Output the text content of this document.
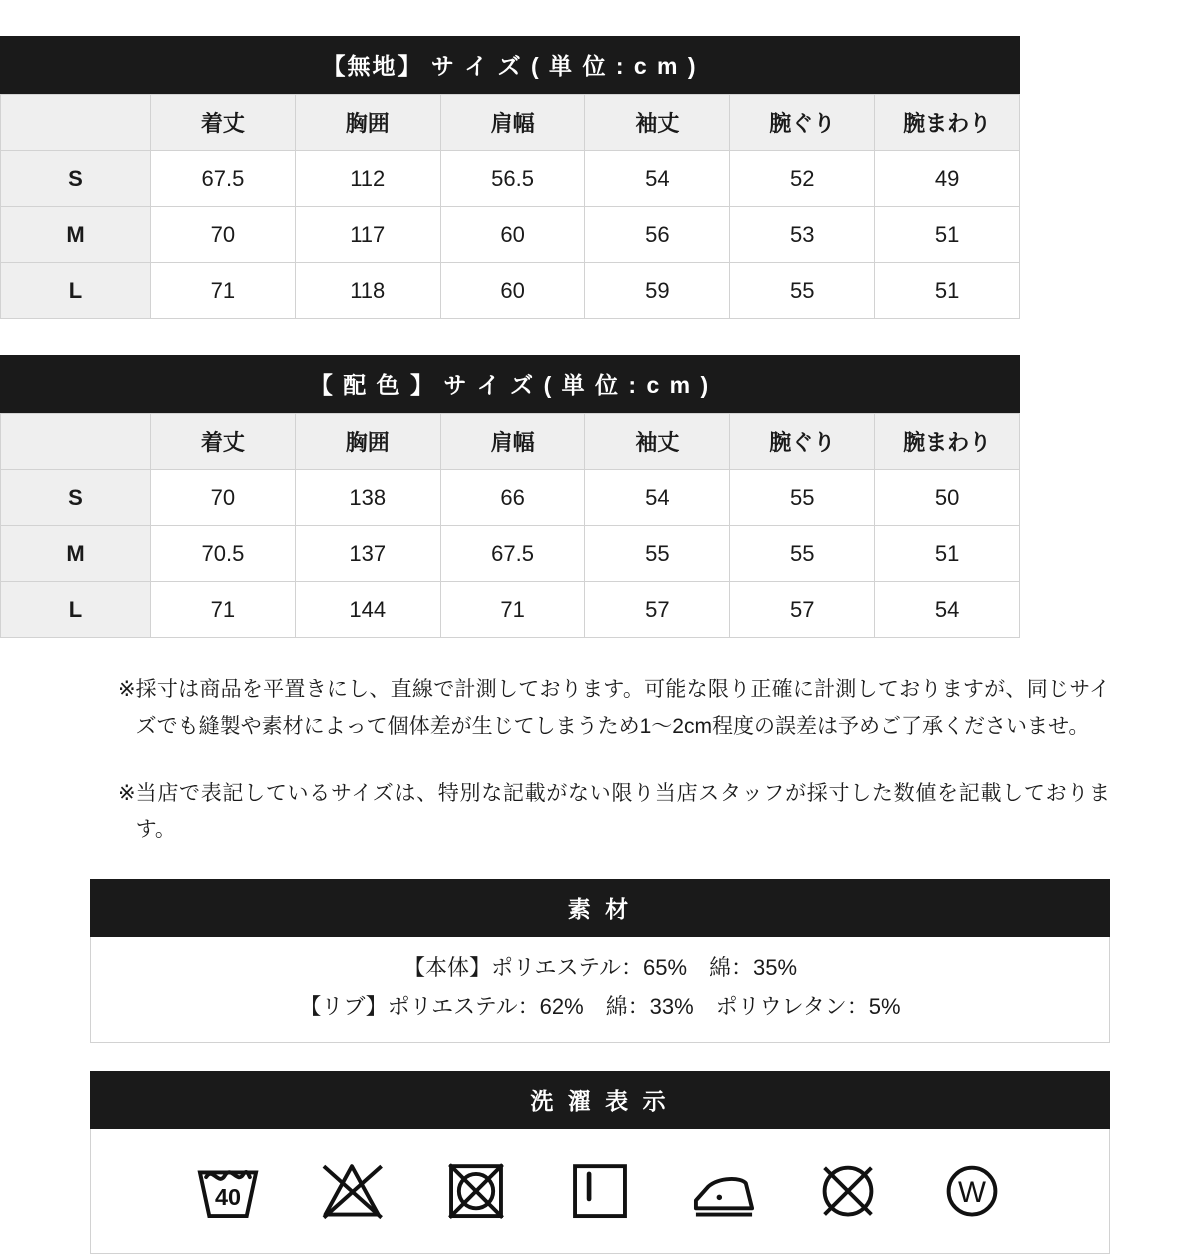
【無地】 サ イ ズ ( 単 位 : c m )
	着丈	胸囲	肩幅	袖丈	腕ぐり	腕まわり
S	67.5	112	56.5	54	52	49
M	70	117	60	56	53	51
L	71	118	60	59	55	51
【 配 色 】 サ イ ズ ( 単 位 : c m )
	着丈	胸囲	肩幅	袖丈	腕ぐり	腕まわり
S	70	138	66	54	55	50
M	70.5	137	67.5	55	55	51
L	71	144	71	57	57	54
※ 採寸は商品を平置きにし、直線で計測しております。可能な限り正確に計測しておりますが、同じサイズでも縫製や素材によって個体差が生じてしまうため1〜2cm程度の誤差は予めご了承くださいませ。
※ 当店で表記しているサイズは、特別な記載がない限り当店スタッフが採寸した数値を記載しております。
素 材
【本体】ポリエステル：65%　綿：35%
【リブ】ポリエステル：62%　綿：33%　ポリウレタン：5%
洗 濯 表 示
40	W
